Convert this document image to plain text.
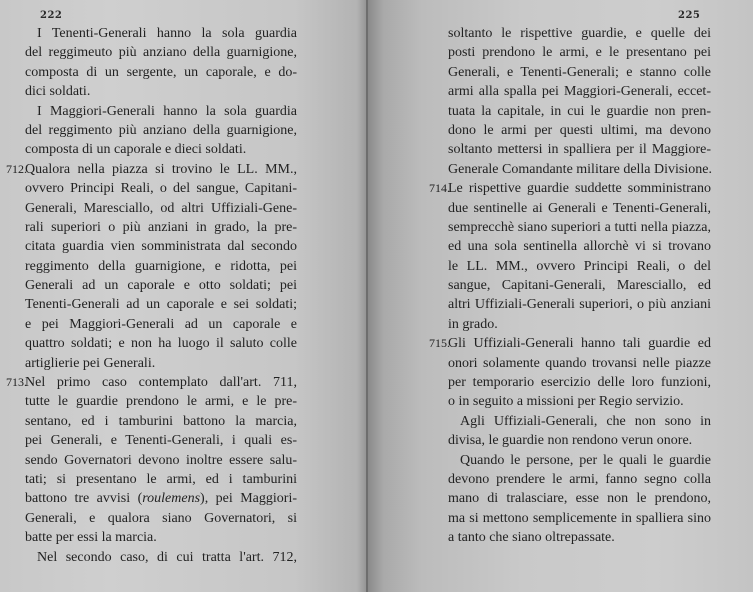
222
I Tenenti-Generali hanno la sola guardia
del reggimeuto più anziano della guarnigione,
composta di un sergente, un caporale, e do-
dici soldati.
I Maggiori-Generali hanno la sola guardia
del reggimento più anziano della guarnigione,
composta di un caporale e dieci soldati.
712.
Qualora nella piazza si trovino le LL. MM.,
ovvero Principi Reali, o del sangue, Capitani-
Generali, Maresciallo, od altri Uffiziali-Gene-
rali superiori o più anziani in grado, la pre-
citata guardia vien somministrata dal secondo
reggimento della guarnigione, e ridotta, pei
Generali ad un caporale e otto soldati; pei
Tenenti-Generali ad un caporale e sei soldati;
e pei Maggiori-Generali ad un caporale e
quattro soldati; e non ha luogo il saluto colle
artiglierie pei Generali.
713.
Nel primo caso contemplato dall'art. 711,
tutte le guardie prendono le armi, e le pre-
sentano, ed i tamburini battono la marcia,
pei Generali, e Tenenti-Generali, i quali es-
sendo Governatori devono inoltre essere salu-
tati; si presentano le armi, ed i tamburini
battono tre avvisi (roulemens), pei Maggiori-
Generali, e qualora siano Governatori, si
batte per essi la marcia.
Nel secondo caso, di cui tratta l'art. 712,
225
soltanto le rispettive guardie, e quelle dei
posti prendono le armi, e le presentano pei
Generali, e Tenenti-Generali; e stanno colle
armi alla spalla pei Maggiori-Generali, eccet-
tuata la capitale, in cui le guardie non pren-
dono le armi per questi ultimi, ma devono
soltanto mettersi in spalliera per il Maggiore-
Generale Comandante militare della Divisione.
714.
Le rispettive guardie suddette somministrano
due sentinelle ai Generali e Tenenti-Generali,
semprecchè siano superiori a tutti nella piazza,
ed una sola sentinella allorchè vi si trovano
le LL. MM., ovvero Principi Reali, o del
sangue, Capitani-Generali, Maresciallo, ed
altri Uffiziali-Generali superiori, o più anziani
in grado.
715.
Gli Uffiziali-Generali hanno tali guardie ed
onori solamente quando trovansi nelle piazze
per temporario esercizio delle loro funzioni,
o in seguito a missioni per Regio servizio.
Agli Uffiziali-Generali, che non sono in
divisa, le guardie non rendono verun onore.
Quando le persone, per le quali le guardie
devono prendere le armi, fanno segno colla
mano di tralasciare, esse non le prendono,
ma si mettono semplicemente in spalliera sino
a tanto che siano oltrepassate.
